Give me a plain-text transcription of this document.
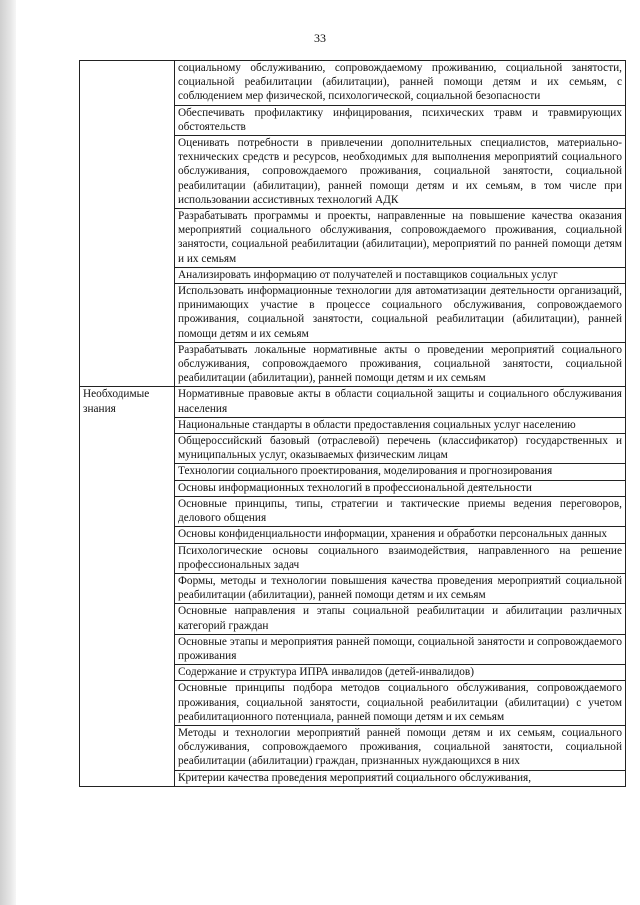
33

	социальному обслуживанию, сопровождаемому проживанию, социальной занятости, социальной реабилитации (абилитации), ранней помощи детям и их семьям, с соблюдением мер физической, психологической, социальной безопасности

	Обеспечивать профилактику инфицирования, психических травм и травмирующих обстоятельств

	Оценивать потребности в привлечении дополнительных специалистов, материально-технических средств и ресурсов, необходимых для выполнения мероприятий социального обслуживания, сопровождаемого проживания, социальной занятости, социальной реабилитации (абилитации), ранней помощи детям и их семьям, в том числе при использовании ассистивных технологий АДК

	Разрабатывать программы и проекты, направленные на повышение качества оказания мероприятий социального обслуживания, сопровождаемого проживания, социальной занятости, социальной реабилитации (абилитации), мероприятий по ранней помощи детям и их семьям

	Анализировать информацию от получателей и поставщиков социальных услуг

	Использовать информационные технологии для автоматизации деятельности организаций, принимающих участие в процессе социального обслуживания, сопровождаемого проживания, социальной занятости, социальной реабилитации (абилитации), ранней помощи детям и их семьям

	Разрабатывать локальные нормативные акты о проведении мероприятий социального обслуживания, сопровождаемого проживания, социальной занятости, социальной реабилитации (абилитации), ранней помощи детям и их семьям

Необходимые знания	Нормативные правовые акты в области социальной защиты и социального обслуживания населения

	Национальные стандарты в области предоставления социальных услуг населению

	Общероссийский базовый (отраслевой) перечень (классификатор) государственных и муниципальных услуг, оказываемых физическим лицам

	Технологии социального проектирования, моделирования и прогнозирования

	Основы информационных технологий в профессиональной деятельности

	Основные принципы, типы, стратегии и тактические приемы ведения переговоров, делового общения

	Основы конфиденциальности информации, хранения и обработки персональных данных

	Психологические основы социального взаимодействия, направленного на решение профессиональных задач

	Формы, методы и технологии повышения качества проведения мероприятий социальной реабилитации (абилитации), ранней помощи детям и их семьям

	Основные направления и этапы социальной реабилитации и абилитации различных категорий граждан

	Основные этапы и мероприятия ранней помощи, социальной занятости и сопровождаемого проживания

	Содержание и структура ИПРА инвалидов (детей-инвалидов)

	Основные принципы подбора методов социального обслуживания, сопровождаемого проживания, социальной занятости, социальной реабилитации (абилитации) с учетом реабилитационного потенциала, ранней помощи детям и их семьям

	Методы и технологии мероприятий ранней помощи детям и их семьям, социального обслуживания, сопровождаемого проживания, социальной занятости, социальной реабилитации (абилитации) граждан, признанных нуждающихся в них

	Критерии качества проведения мероприятий социального обслуживания,
